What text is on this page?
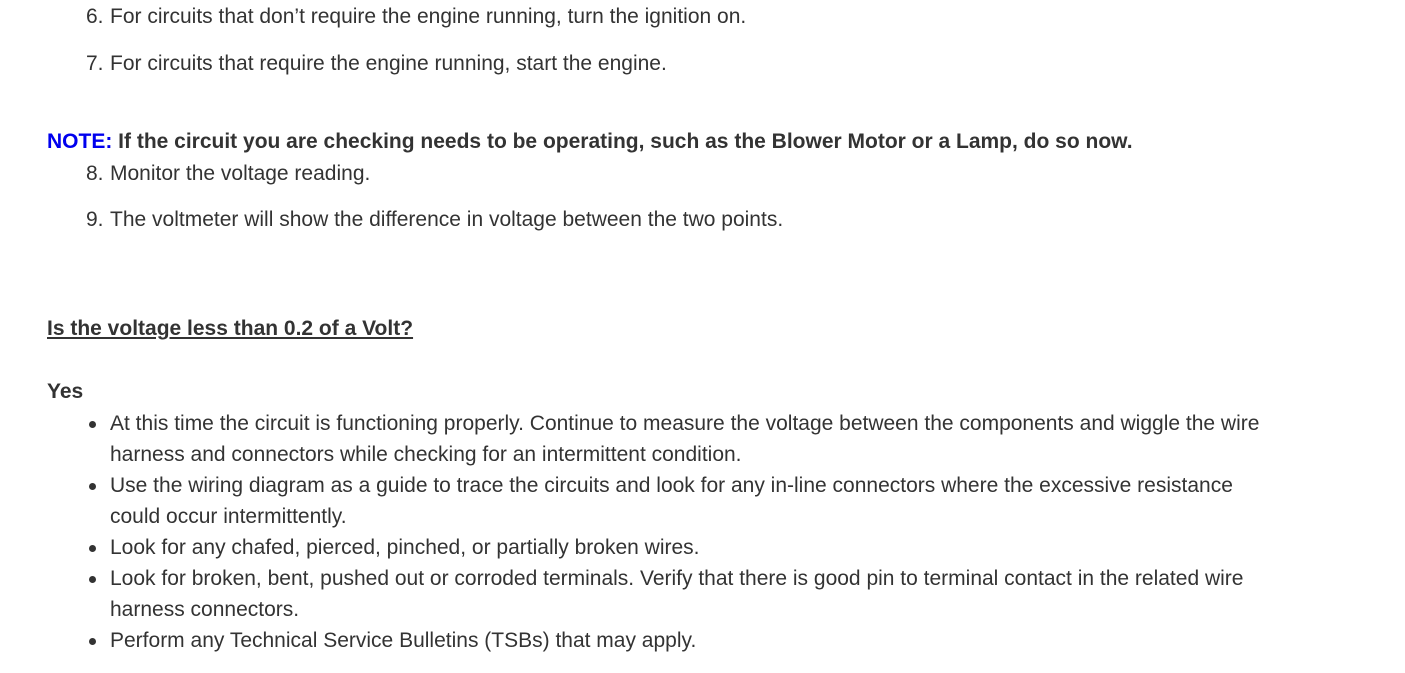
6. For circuits that don’t require the engine running, turn the ignition on.
7. For circuits that require the engine running, start the engine.
8. Monitor the voltage reading.
9. The voltmeter will show the difference in voltage between the two points.
NOTE: If the circuit you are checking needs to be operating, such as the Blower Motor or a Lamp, do so now.
Is the voltage less than 0.2 of a Volt?
Yes
At this time the circuit is functioning properly. Continue to measure the voltage between the components and wiggle the wire harness and connectors while checking for an intermittent condition.
Use the wiring diagram as a guide to trace the circuits and look for any in-line connectors where the excessive resistance could occur intermittently.
Look for any chafed, pierced, pinched, or partially broken wires.
Look for broken, bent, pushed out or corroded terminals. Verify that there is good pin to terminal contact in the related wire harness connectors.
Perform any Technical Service Bulletins (TSBs) that may apply.
